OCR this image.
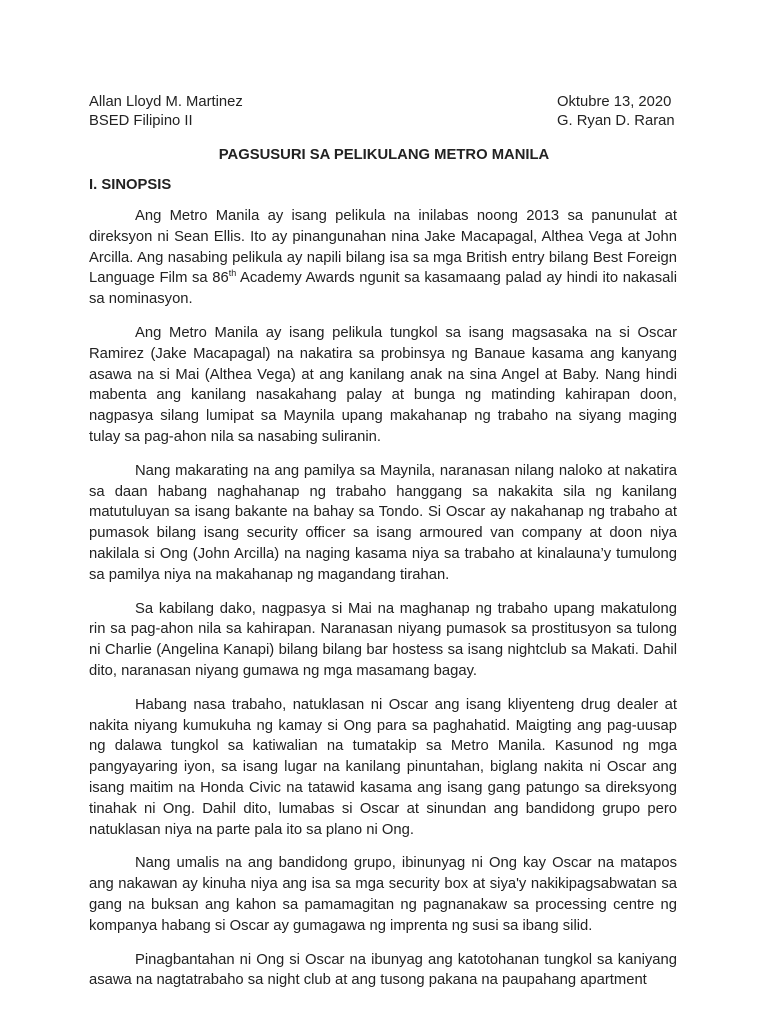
Allan Lloyd M. Martinez	Oktubre 13, 2020
BSED Filipino II	G. Ryan D. Raran
PAGSUSURI SA PELIKULANG METRO MANILA
I. SINOPSIS

Ang Metro Manila ay isang pelikula na inilabas noong 2013 sa panunulat at direksyon ni Sean Ellis. Ito ay pinangunahan nina Jake Macapagal, Althea Vega at John Arcilla. Ang nasabing pelikula ay napili bilang isa sa mga British entry bilang Best Foreign Language Film sa 86th Academy Awards ngunit sa kasamaang palad ay hindi ito nakasali sa nominasyon.

Ang Metro Manila ay isang pelikula tungkol sa isang magsasaka na si Oscar Ramirez (Jake Macapagal) na nakatira sa probinsya ng Banaue kasama ang kanyang asawa na si Mai (Althea Vega) at ang kanilang anak na sina Angel at Baby. Nang hindi mabenta ang kanilang nasakahang palay at bunga ng matinding kahirapan doon, nagpasya silang lumipat sa Maynila upang makahanap ng trabaho na siyang maging tulay sa pag-ahon nila sa nasabing suliranin.

Nang makarating na ang pamilya sa Maynila, naranasan nilang naloko at nakatira sa daan habang naghahanap ng trabaho hanggang sa nakakita sila ng kanilang matutuluyan sa isang bakante na bahay sa Tondo. Si Oscar ay nakahanap ng trabaho at pumasok bilang isang security officer sa isang armoured van company at doon niya nakilala si Ong (John Arcilla) na naging kasama niya sa trabaho at kinalauna’y tumulong sa pamilya niya na makahanap ng magandang tirahan.

Sa kabilang dako, nagpasya si Mai na maghanap ng trabaho upang makatulong rin sa pag-ahon nila sa kahirapan. Naranasan niyang pumasok sa prostitusyon sa tulong ni Charlie (Angelina Kanapi) bilang bilang bar hostess sa isang nightclub sa Makati. Dahil dito, naranasan niyang gumawa ng mga masamang bagay.

Habang nasa trabaho, natuklasan ni Oscar ang isang kliyenteng drug dealer at nakita niyang kumukuha ng kamay si Ong para sa paghahatid. Maigting ang pag-uusap ng dalawa tungkol sa katiwalian na tumatakip sa Metro Manila. Kasunod ng mga pangyayaring iyon, sa isang lugar na kanilang pinuntahan, biglang nakita ni Oscar ang isang maitim na Honda Civic na tatawid kasama ang isang gang patungo sa direksyong tinahak ni Ong. Dahil dito, lumabas si Oscar at sinundan ang bandidong grupo pero natuklasan niya na parte pala ito sa plano ni Ong.

Nang umalis na ang bandidong grupo, ibinunyag ni Ong kay Oscar na matapos ang nakawan ay kinuha niya ang isa sa mga security box at siya'y nakikipagsabwatan sa gang na buksan ang kahon sa pamamagitan ng pagnanakaw sa processing centre ng kompanya habang si Oscar ay gumagawa ng imprenta ng susi sa ibang silid.

Pinagbantahan ni Ong si Oscar na ibunyag ang katotohanan tungkol sa kaniyang asawa na nagtatrabaho sa night club at ang tusong pakana na paupahang apartment
